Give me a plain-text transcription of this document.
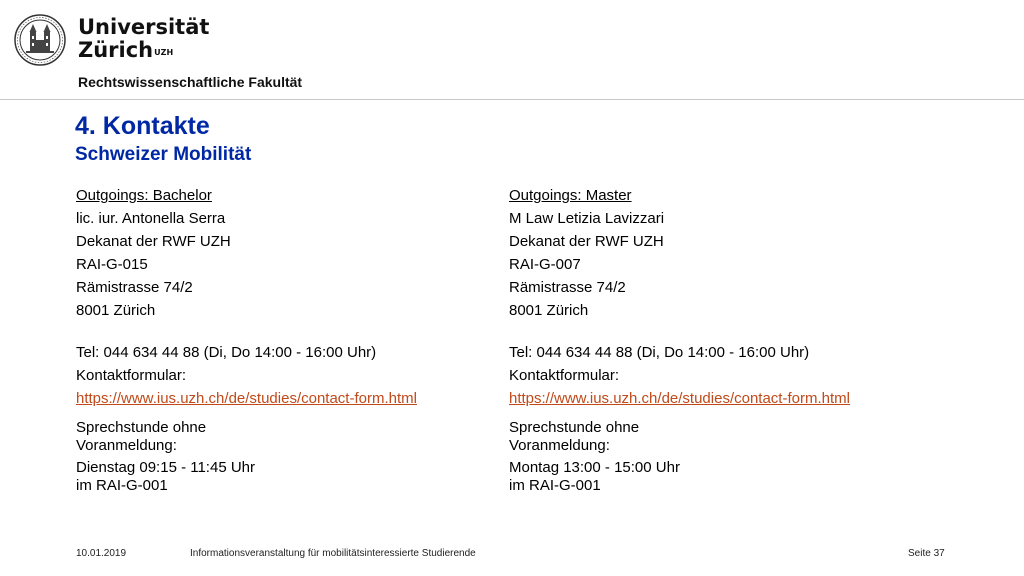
Universität
Zürich$^{UZH}$
Rechtswissenschaftliche Fakultät
4. Kontakte
Schweizer Mobilität
Outgoings: Bachelor
lic. iur. Antonella Serra
Dekanat der RWF UZH
RAI-G-015
Rämistrasse 74/2
8001 Zürich
Tel: 044 634 44 88 (Di, Do 14:00 - 16:00 Uhr)
Kontaktformular:
https://www.ius.uzh.ch/de/studies/contact-form.html
Sprechstunde ohne
Voranmeldung:
Dienstag 09:15 - 11:45 Uhr
im RAI-G-001
Outgoings: Master
M Law Letizia Lavizzari
Dekanat der RWF UZH
RAI-G-007
Rämistrasse 74/2
8001 Zürich
Tel: 044 634 44 88 (Di, Do 14:00 - 16:00 Uhr)
Kontaktformular:
https://www.ius.uzh.ch/de/studies/contact-form.html
Sprechstunde ohne
Voranmeldung:
Montag 13:00 - 15:00 Uhr
im RAI-G-001
10.01.2019	Informationsveranstaltung für mobilitätsinteressierte Studierende	Seite 37
